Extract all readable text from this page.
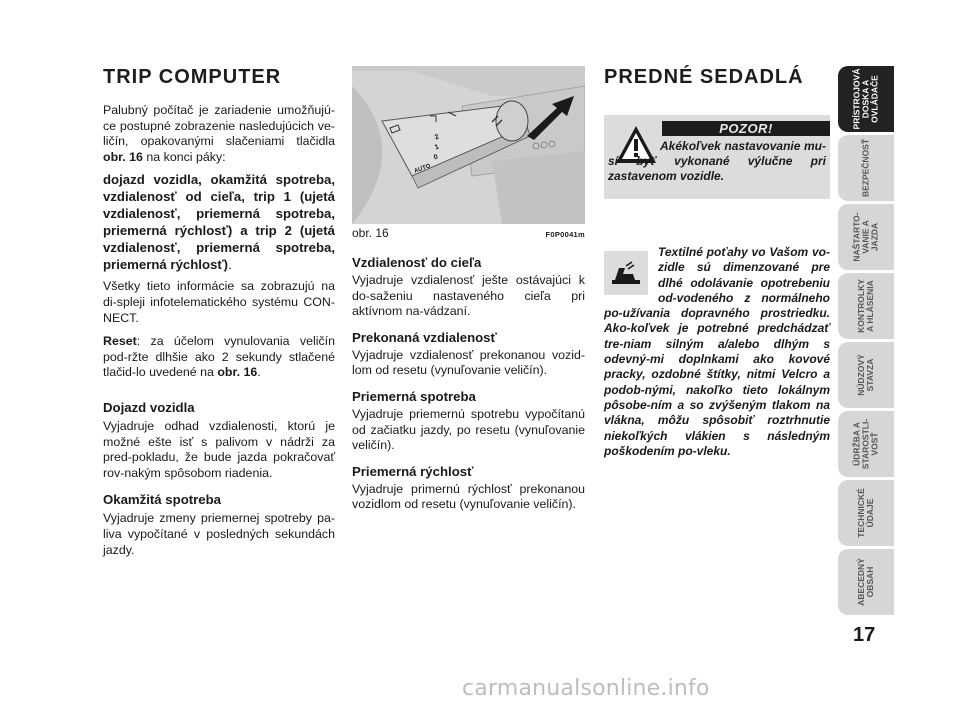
TRIP COMPUTER

Palubný počítač je zariadenie umožňujú-ce postupné zobrazenie nasledujúcich ve-ličín, opakovanými slačeniami tlačidla obr. 16 na konci páky:

dojazd vozidla, okamžitá spotreba, vzdialenosť od cieľa, trip 1 (ujetá vzdialenosť, priemerná spotreba, priemerná rýchlosť) a trip 2 (ujetá vzdialenosť, priemerná spotreba, priemerná rýchlosť).

Všetky tieto informácie sa zobrazujú na di-spleji infotelematického systému CON-NECT.

Reset: za účelom vynulovania veličín pod-ržte dlhšie ako 2 sekundy stlačené tlačid-lo uvedené na obr. 16.

Dojazd vozidla

Vyjadruje odhad vzdialenosti, ktorú je možné ešte isť s palivom v nádrži za pred-pokladu, že bude jazda pokračovať rov-nakým spôsobom riadenia.

Okamžitá spotreba

Vyjadruje zmeny priemernej spotreby pa-liva vypočítané v posledných sekundách jazdy.

2
1
0
AUTO
obr. 16	F0P0041m
Vzdialenosť do cieľa

Vyjadruje vzdialenosť ješte ostávajúci k do-saženiu nastaveného cieľa pri aktívnom na-vádzaní.

Prekonaná vzdialenosť

Vyjadruje vzdialenosť prekonanou vozid-lom od resetu (vynuľovanie veličín).

Priemerná spotreba

Vyjadruje priemernú spotrebu vypočítanú od začiatku jazdy, po resetu (vynuľovanie veličín).

Priemerná rýchlosť

Vyjadruje primernú rýchlosť prekonanou vozidlom od resetu (vynuľovanie veličín).

PREDNÉ SEDADLÁ
POZOR!
Akékoľvek nastavovanie mu-sí byť vykonané výlučne pri zastavenom vozidle.

Textilné poťahy vo Vašom vo-zidle sú dimenzované pre dlhé odolávanie opotrebeniu od-vodeného z normálneho po-užívania dopravného prostriedku. Ako-koľvek je potrebné predchádzať tre-niam silným a/alebo dlhým s odevný-mi doplnkami ako kovové pracky, ozdobné štítky, nitmi Velcro a podob-nými, nakoľko tieto lokálnym pôsobe-ním a so zvýšeným tlakom na vlákna, môžu spôsobiť roztrhnutie niekoľkých vlákien s následným poškodením po-vleku.

PRÍSTROJOVÁ
DOSKA A
OVLÁDAČE
BEZPEČNOSŤ
NAŠTARTO-
VANIE A
JAZDA
KONTROLKY
A HLÁSENIA
NÚDZOVÝ
STAVZA
ÚDRŽBA A
STAROSTLI-
VOSŤ
TECHNICKÉ
ÚDAJE
ABECEDNÝ
OBSAH
17
carmanualsonline.info
